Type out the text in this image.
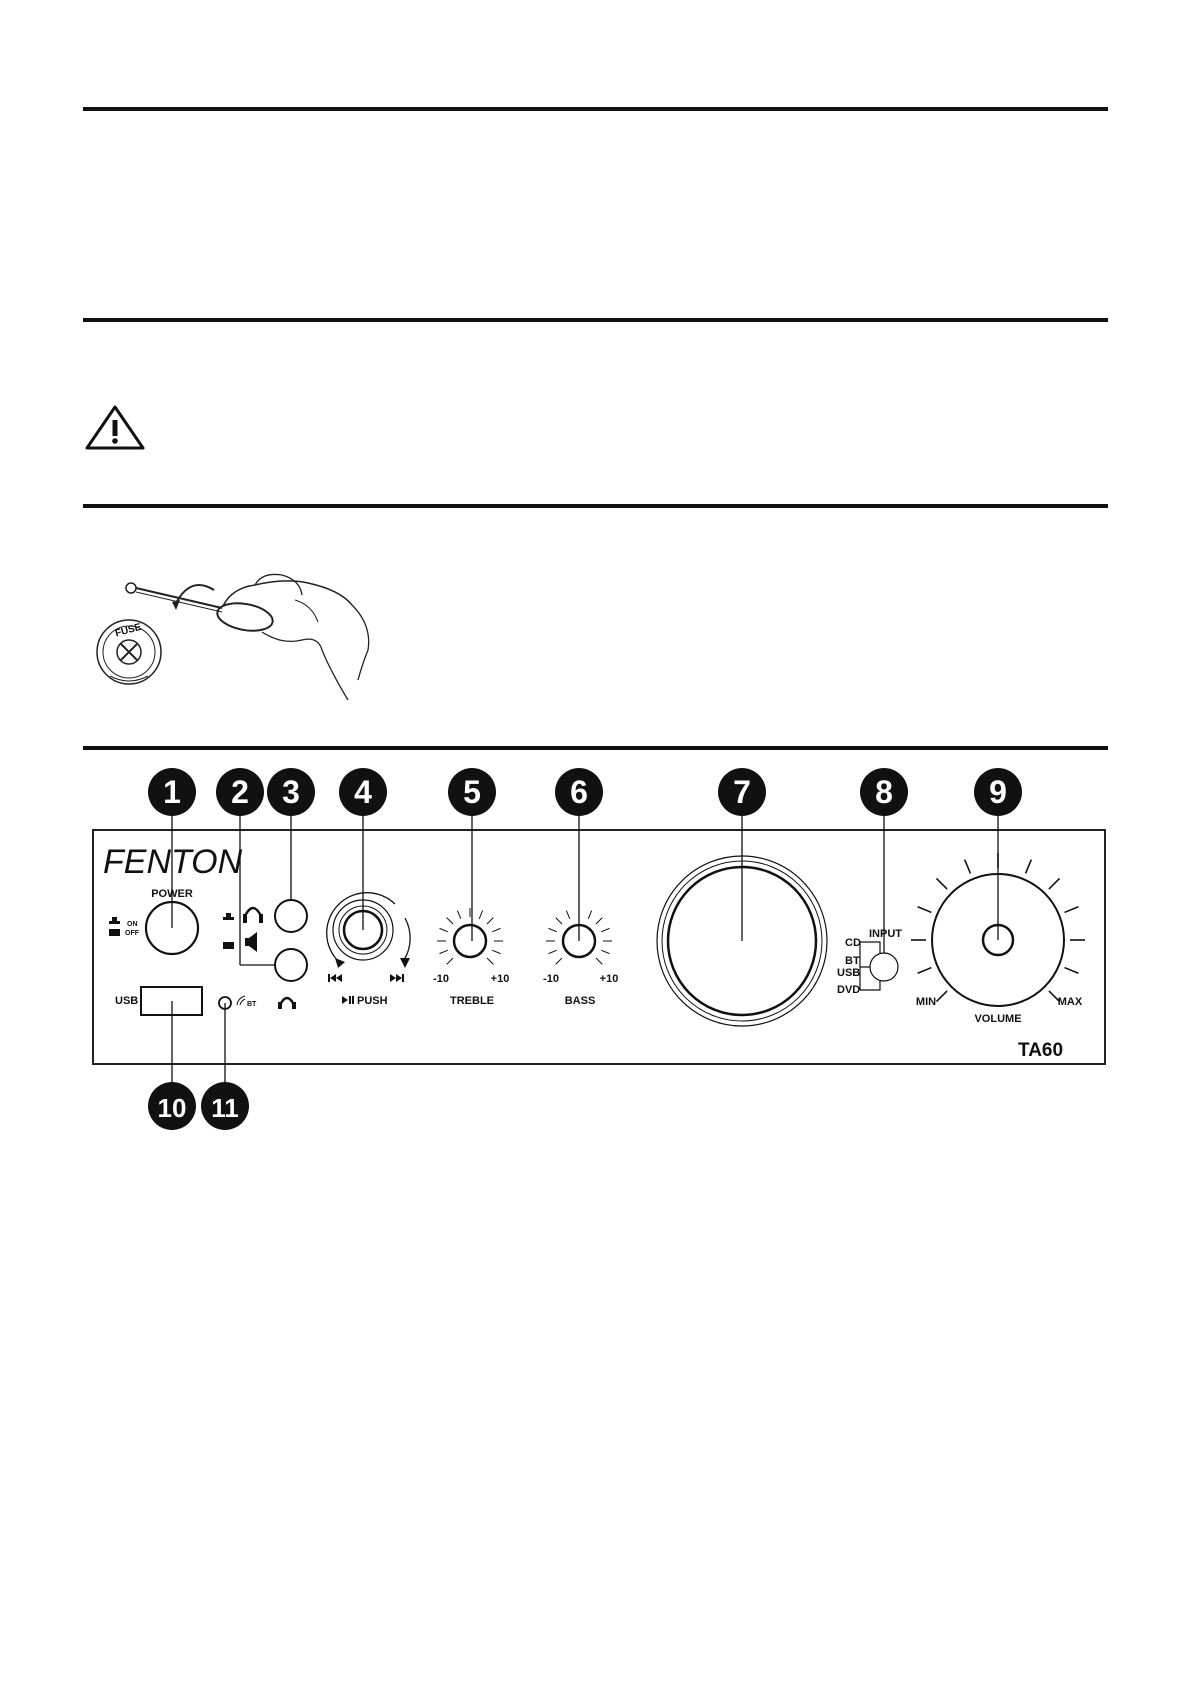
FUSE
FENTON
POWER
ON
OFF
USB	BT	PUSH
-10	+10
TREBLE
-10	+10
BASS
INPUT
CD
BT
USB
DVD
MIN	MAX
VOLUME
TA60
1 2 3 4	5	6	7	8	9
10 11
